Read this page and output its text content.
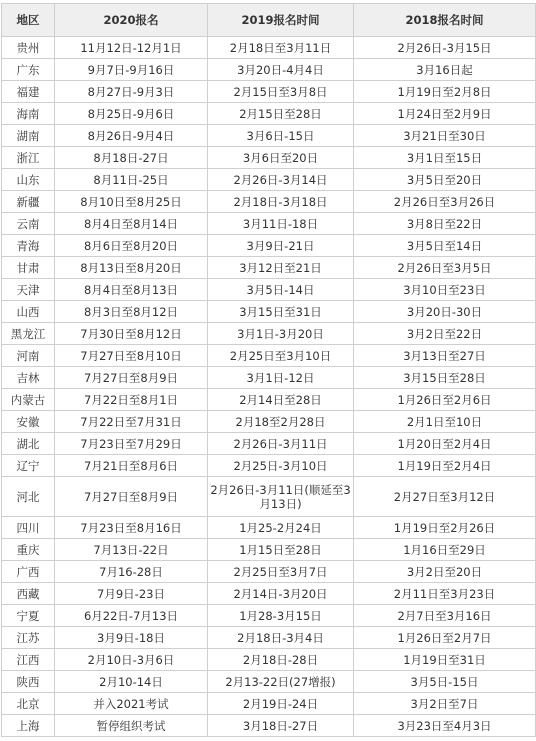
地区	2020报名	2019报名时间	2018报名时间
贵州	11月12日-12月1日	2月18日至3月11日	2月26日-3月15日
广东	9月7日-9月16日	3月20日-4月4日	3月16日起
福建	8月27日-9月3日	2月15日至3月8日	1月19日至2月8日
海南	8月25日-9月6日	2月15日至28日	1月24日至2月9日
湖南	8月26日-9月4日	3月6日-15日	3月21日至30日
浙江	8月18日-27日	3月6日至20日	3月1日至15日
山东	8月11日-25日	2月26日-3月14日	3月5日至20日
新疆	8月10日至8月25日	2月18日-3月18日	2月26日至3月26日
云南	8月4日至8月14日	3月11日-18日	3月8日至22日
青海	8月6日至8月20日	3月9日-21日	3月5日至14日
甘肃	8月13日至8月20日	3月12日至21日	2月26日至3月5日
天津	8月4日至8月13日	3月5日-14日	3月10日至23日
山西	8月3日至8月12日	3月15日至31日	3月20日-30日
黑龙江	7月30日至8月12日	3月1日-3月20日	3月2日至22日
河南	7月27日至8月10日	2月25日至3月10日	3月13日至27日
吉林	7月27日至8月9日	3月1日-12日	3月15日至28日
内蒙古	7月22日至8月1日	2月14日至28日	1月26日至2月6日
安徽	7月22日至7月31日	2月18至2月28日	2月1日至10日
湖北	7月23日至7月29日	2月26日-3月11日	1月20日至2月4日
辽宁	7月21日至8月6日	2月25日-3月10日	1月19日至2月4日
河北	7月27日至8月9日	2月26日-3月11日(顺延至3月13日)	2月27日至3月12日
四川	7月23日至8月16日	1月25-2月24日	1月19日至2月26日
重庆	7月13日-22日	1月15日至28日	1月16日至29日
广西	7月16-28日	2月25日至3月7日	3月2日至20日
西藏	7月9日-23日	2月14日-3月20日	2月11日至3月23日
宁夏	6月22日-7月13日	1月28-3月15日	2月7日至3月16日
江苏	3月9日-18日	2月18日-3月4日	1月26日至2月7日
江西	2月10日-3月6日	2月18日-28日	1月19日至31日
陕西	2月10-14日	2月13-22日(27增报)	3月5日-15日
北京	并入2021考试	2月19日-24日	3月2日至7日
上海	暂停组织考试	3月18日-27日	3月23日至4月3日
